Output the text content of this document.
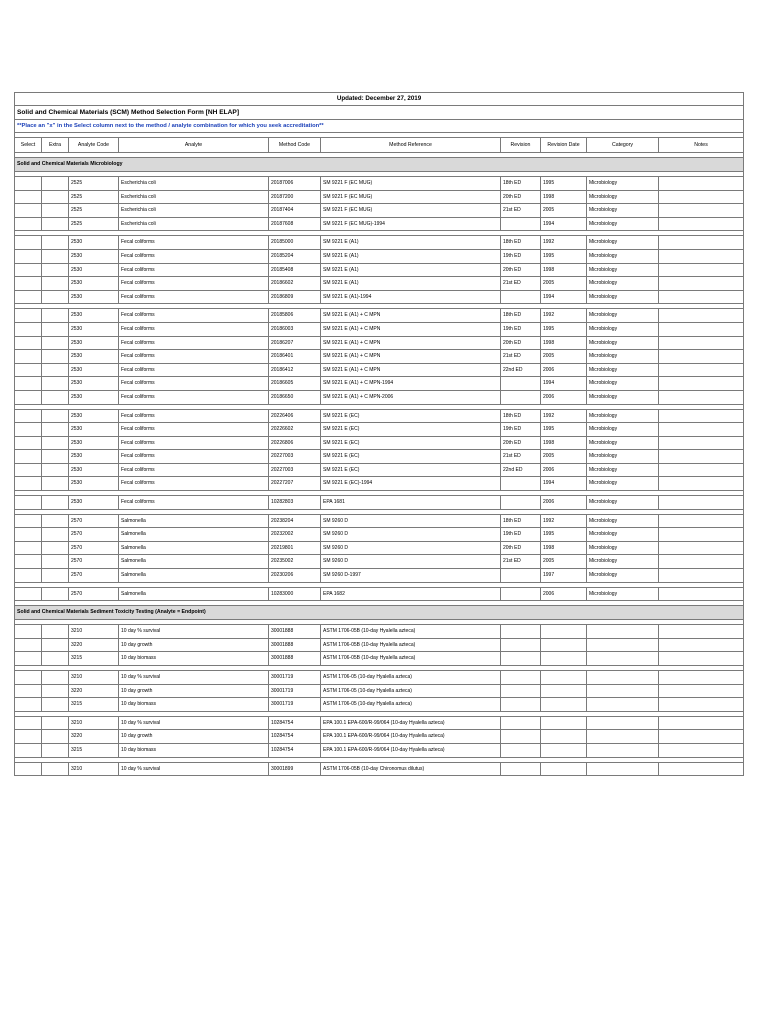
Updated: December 27, 2019									
Solid and Chemical Materials (SCM) Method Selection Form [NH ELAP]									
**Place an "x" in the Select column next to the method / analyte combination for which you seek accreditation**									

Select	Extra	Analyte Code	Analyte	Method Code	Method Reference	Revision	Revision Date	Category	Notes

Solid and Chemical Materials Microbiology									

		2525	Escherichia coli	20187006	SM 9221 F (EC MUG)	18th ED	1995	Microbiology	
		2525	Escherichia coli	20187200	SM 9221 F (EC MUG)	20th ED	1998	Microbiology	
		2525	Escherichia coli	20187404	SM 9221 F (EC MUG)	21st ED	2005	Microbiology	
		2525	Escherichia coli	20187608	SM 9221 F (EC MUG)-1994		1994	Microbiology	

		2530	Fecal coliforms	20185000	SM 9221 E (A1)	18th ED	1992	Microbiology	
		2530	Fecal coliforms	20185204	SM 9221 E (A1)	19th ED	1995	Microbiology	
		2530	Fecal coliforms	20185408	SM 9221 E (A1)	20th ED	1998	Microbiology	
		2530	Fecal coliforms	20186602	SM 9221 E (A1)	21st ED	2005	Microbiology	
		2530	Fecal coliforms	20186809	SM 9221 E (A1)-1994		1994	Microbiology	

		2530	Fecal coliforms	20185806	SM 9221 E (A1) + C MPN	18th ED	1992	Microbiology	
		2530	Fecal coliforms	20186003	SM 9221 E (A1) + C MPN	19th ED	1995	Microbiology	
		2530	Fecal coliforms	20186207	SM 9221 E (A1) + C MPN	20th ED	1998	Microbiology	
		2530	Fecal coliforms	20186401	SM 9221 E (A1) + C MPN	21st ED	2005	Microbiology	
		2530	Fecal coliforms	20186412	SM 9221 E (A1) + C MPN	22nd ED	2006	Microbiology	
		2530	Fecal coliforms	20186605	SM 9221 E (A1) + C MPN-1994		1994	Microbiology	
		2530	Fecal coliforms	20186650	SM 9221 E (A1) + C MPN-2006		2006	Microbiology	

		2530	Fecal coliforms	20226406	SM 9221 E (EC)	18th ED	1992	Microbiology	
		2530	Fecal coliforms	20226602	SM 9221 E (EC)	19th ED	1995	Microbiology	
		2530	Fecal coliforms	20226806	SM 9221 E (EC)	20th ED	1998	Microbiology	
		2530	Fecal coliforms	20227003	SM 9221 E (EC)	21st ED	2005	Microbiology	
		2530	Fecal coliforms	20227003	SM 9221 E (EC)	22nd ED	2006	Microbiology	
		2530	Fecal coliforms	20227207	SM 9221 E (EC)-1994		1994	Microbiology	

		2530	Fecal coliforms	10282803	EPA 1681		2006	Microbiology	

		2570	Salmonella	20238204	SM 9260 D	18th ED	1992	Microbiology	
		2570	Salmonella	20232002	SM 9260 D	19th ED	1995	Microbiology	
		2570	Salmonella	20219801	SM 9260 D	20th ED	1998	Microbiology	
		2570	Salmonella	20235002	SM 9260 D	21st ED	2005	Microbiology	
		2570	Salmonella	20230206	SM 9260 D-1997		1997	Microbiology	

		2570	Salmonella	10283000	EPA 1682		2006	Microbiology	

Solid and Chemical Materials Sediment Toxicity Testing (Analyte = Endpoint)									

		3210	10 day % survival	30001888	ASTM 1706-05B (10-day Hyalella azteca)				
		3220	10 day growth	30001888	ASTM 1706-05B (10-day Hyalella azteca)				
		3215	10 day biomass	30001888	ASTM 1706-05B (10-day Hyalella azteca)				

		3210	10 day % survival	30001719	ASTM 1706-05 (10-day Hyalella azteca)				
		3220	10 day growth	30001719	ASTM 1706-05 (10-day Hyalella azteca)				
		3215	10 day biomass	30001719	ASTM 1706-05 (10-day Hyalella azteca)				

		3210	10 day % survival	10284754	EPA 100.1 EPA-600/R-99/064 (10-day Hyalella azteca)				
		3220	10 day growth	10284754	EPA 100.1 EPA-600/R-99/064 (10-day Hyalella azteca)				
		3215	10 day biomass	10284754	EPA 100.1 EPA-600/R-99/064 (10-day Hyalella azteca)				

		3210	10 day % survival	30001899	ASTM 1706-05B (10-day Chironomus dilutus)				
